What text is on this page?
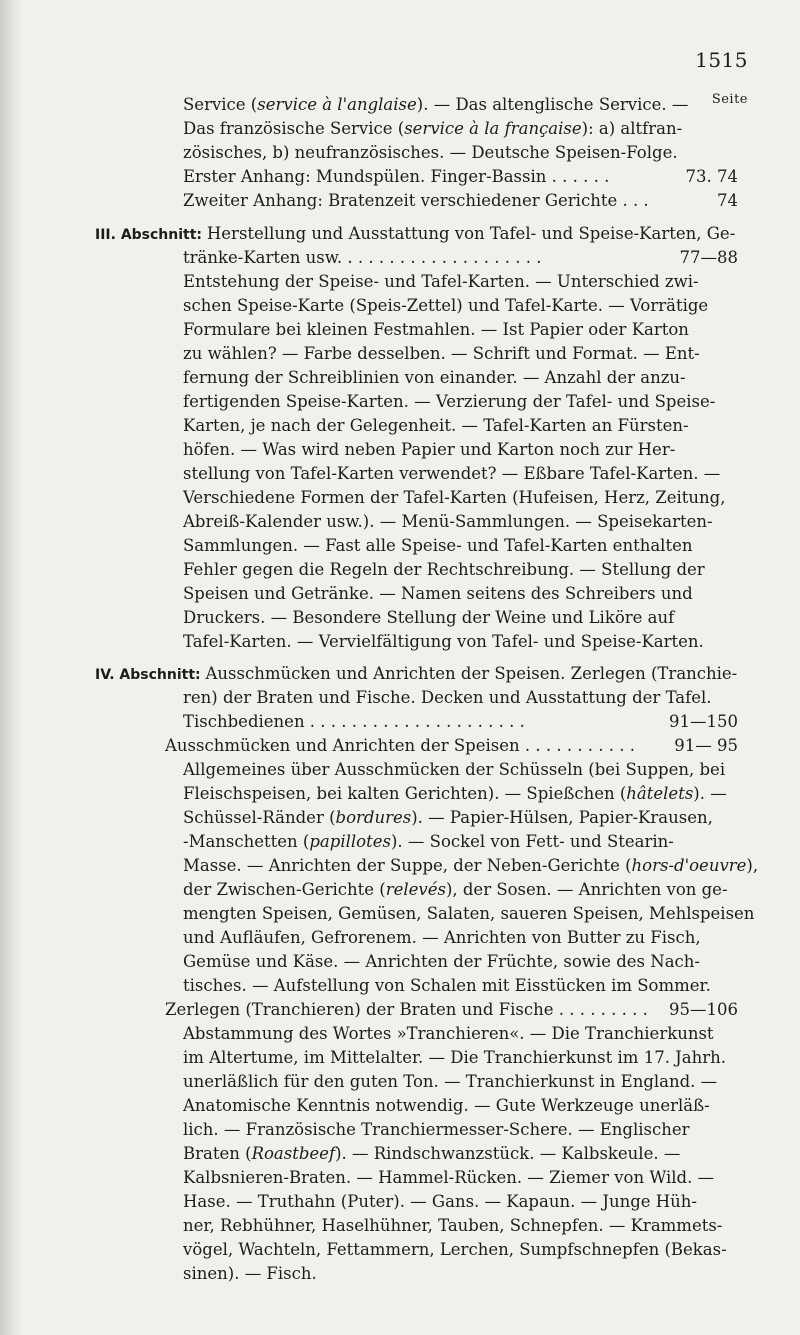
1515
Seite
Service (service à l'anglaise). — Das altenglische Service. —
Das französische Service (service à la française): a) altfran-
zösisches, b) neufranzösisches. — Deutsche Speisen-Folge.
Erster Anhang: Mundspülen. Finger-Bassin . . . . . .	73. 74
Zweiter Anhang: Bratenzeit verschiedener Gerichte . . .	74
III. Abschnitt: Herstellung und Ausstattung von Tafel- und Speise-Karten, Ge-
tränke-Karten usw. . . . . . . . . . . . . . . . . . . .	77—88
Entstehung der Speise- und Tafel-Karten. — Unterschied zwi-
schen Speise-Karte (Speis-Zettel) und Tafel-Karte. — Vorrätige
Formulare bei kleinen Festmahlen. — Ist Papier oder Karton
zu wählen? — Farbe desselben. — Schrift und Format. — Ent-
fernung der Schreiblinien von einander. — Anzahl der anzu-
fertigenden Speise-Karten. — Verzierung der Tafel- und Speise-
Karten, je nach der Gelegenheit. — Tafel-Karten an Fürsten-
höfen. — Was wird neben Papier und Karton noch zur Her-
stellung von Tafel-Karten verwendet? — Eßbare Tafel-Karten. —
Verschiedene Formen der Tafel-Karten (Hufeisen, Herz, Zeitung,
Abreiß-Kalender usw.). — Menü-Sammlungen. — Speisekarten-
Sammlungen. — Fast alle Speise- und Tafel-Karten enthalten
Fehler gegen die Regeln der Rechtschreibung. — Stellung der
Speisen und Getränke. — Namen seitens des Schreibers und
Druckers. — Besondere Stellung der Weine und Liköre auf
Tafel-Karten. — Vervielfältigung von Tafel- und Speise-Karten.
IV. Abschnitt: Ausschmücken und Anrichten der Speisen. Zerlegen (Tranchie-
ren) der Braten und Fische. Decken und Ausstattung der Tafel.
Tischbedienen . . . . . . . . . . . . . . . . . . . . .	91—150
Ausschmücken und Anrichten der Speisen . . . . . . . . . . . 91— 95
Allgemeines über Ausschmücken der Schüsseln (bei Suppen, bei
Fleischspeisen, bei kalten Gerichten). — Spießchen (hâtelets). —
Schüssel-Ränder (bordures). — Papier-Hülsen, Papier-Krausen,
-Manschetten (papillotes). — Sockel von Fett- und Stearin-
Masse. — Anrichten der Suppe, der Neben-Gerichte (hors-d'oeuvre),
der Zwischen-Gerichte (relevés), der Sosen. — Anrichten von ge-
mengten Speisen, Gemüsen, Salaten, saueren Speisen, Mehlspeisen
und Aufläufen, Gefrorenem. — Anrichten von Butter zu Fisch,
Gemüse und Käse. — Anrichten der Früchte, sowie des Nach-
tisches. — Aufstellung von Schalen mit Eisstücken im Sommer.
Zerlegen (Tranchieren) der Braten und Fische . . . . . . . . . 95—106
Abstammung des Wortes »Tranchieren«. — Die Tranchierkunst
im Altertume, im Mittelalter. — Die Tranchierkunst im 17. Jahrh.
unerläßlich für den guten Ton. — Tranchierkunst in England. —
Anatomische Kenntnis notwendig. — Gute Werkzeuge unerläß-
lich. — Französische Tranchiermesser-Schere. — Englischer
Braten (Roastbeef). — Rindschwanzstück. — Kalbskeule. —
Kalbsnieren-Braten. — Hammel-Rücken. — Ziemer von Wild. —
Hase. — Truthahn (Puter). — Gans. — Kapaun. — Junge Hüh-
ner, Rebhühner, Haselhühner, Tauben, Schnepfen. — Krammets-
vögel, Wachteln, Fettammern, Lerchen, Sumpfschnepfen (Bekas-
sinen). — Fisch.
